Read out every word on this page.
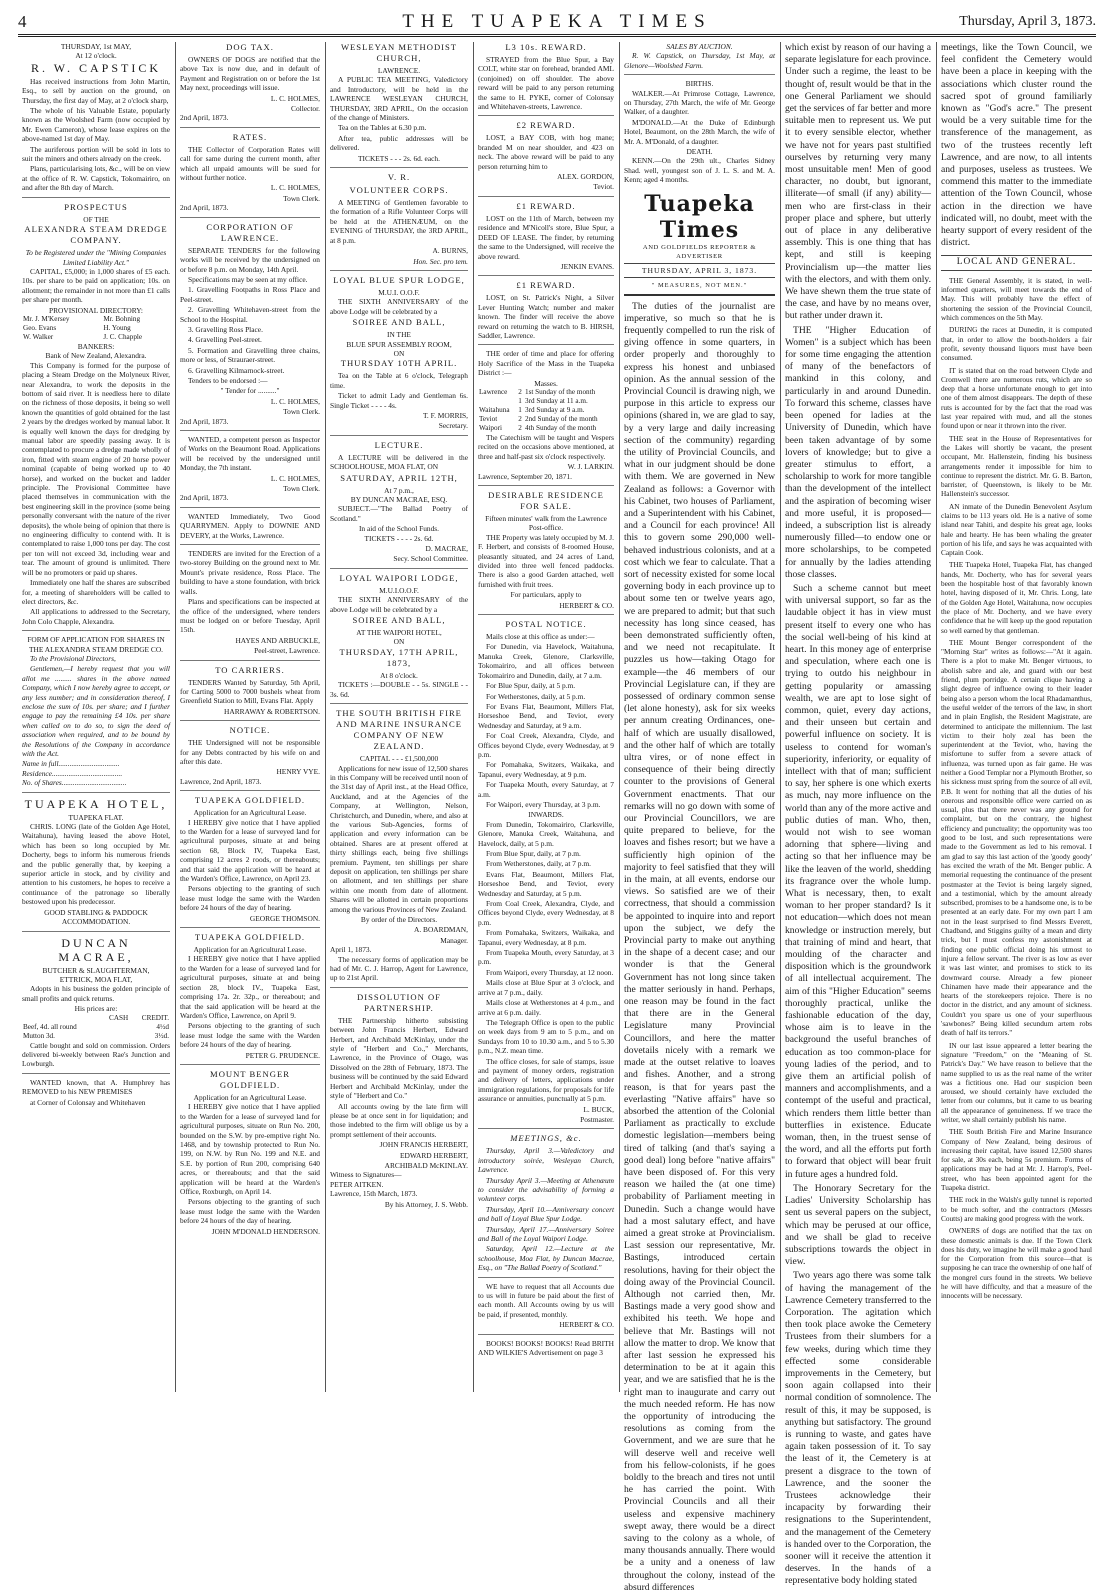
4	THE TUAPEKA TIMES	Thursday, April 3, 1873.
THURSDAY, 1st MAY,
At 12 o'clock.
R. W. CAPSTICK

Has received instructions from John Martin, Esq., to sell by auction on the ground, on Thursday, the first day of May, at 2 o'clock sharp,

The whole of his Valuable Estate, popularly known as the Woolshed Farm (now occupied by Mr. Ewen Cameron), whose lease expires on the above-named 1st day of May.

The auriferous portion will be sold in lots to suit the miners and others already on the creek.

Plans, particularising lots, &c., will be on view at the office of R. W. Capstick, Tokomairiro, on and after the 8th day of March.

PROSPECTUS
OF THE
ALEXANDRA STEAM DREDGE COMPANY.
To be Registered under the "Mining Companies Limited Liability Act."

CAPITAL, £5,000; in 1,000 shares of £5 each. 10s. per share to be paid on application; 10s. on allotment; the remainder in not more than £1 calls per share per month.

PROVISIONAL DIRECTORY:
Mr. J. M'Kersey	Mr. Bohning
Geo. Evans	H. Young
W. Walker	J. C. Chapple
BANKERS:
Bank of New Zealand, Alexandra.

This Company is formed for the purpose of placing a Steam Dredge on the Molyneux River, near Alexandra, to work the deposits in the bottom of said river. It is needless here to dilate on the richness of those deposits, it being so well known the quantities of gold obtained for the last 2 years by the dredges worked by manual labor. It is equally well known the days for dredging by manual labor are speedily passing away. It is contemplated to procure a dredge made wholly of iron, fitted with steam engine of 20 horse power nominal (capable of being worked up to 40 horse), and worked on the bucket and ladder principle. The Provisional Committee have placed themselves in communication with the best engineering skill in the province (some being personally conversant with the nature of the river deposits), the whole being of opinion that there is no engineering difficulty to contend with. It is contemplated to raise 1,000 tons per day. The cost per ton will not exceed 3d, including wear and tear. The amount of ground is unlimited. There will be no promoters or paid up shares.

Immediately one half the shares are subscribed for, a meeting of shareholders will be called to elect directors, &c.

All applications to addressed to the Secretary, John Colo Chapple, Alexandra.

FORM OF APPLICATION FOR SHARES IN THE ALEXANDRA STEAM DREDGE CO.

To the Provisional Directors,

Gentlemen,—I hereby request that you will allot me ......... shares in the above named Company, which I now hereby agree to accept, or any less number; and in consideration thereof, I enclose the sum of 10s. per share; and I further engage to pay the remaining £4 10s. per share when called on to do so, to sign the deed of association when required, and to be bound by the Resolutions of the Company in accordance with the Act.

Name in full.................................
Residence......................................
No. of Shares...................................
TUAPEKA HOTEL,
TUAPEKA FLAT.

CHRIS. LONG (late of the Golden Age Hotel, Waitahuna), having leased the above Hotel, which has been so long occupied by Mr. Docherty, begs to inform his numerous friends and the public generally that, by keeping a superior article in stock, and by civility and attention to his customers, he hopes to receive a continuance of the patronage so liberally bestowed upon his predecessor.

GOOD STABLING & PADDOCK ACCOMMODATION.
DUNCAN MACRAE,
BUTCHER & SLAUGHTERMAN,
ETTRICK, MOA FLAT,

Adopts in his business the golden principle of small profits and quick returns.

His prices are:
	CASH	CREDIT.
Beef, 4d. all round		4½d
Mutton 3d.		3½d.

Cattle bought and sold on commission. Orders delivered bi-weekly between Rae's Junction and Lowburgh.

WANTED known, that A. Humphrey has REMOVED to his NEW PREMISES

at Corner of Colonsay and Whitehaven

DOG TAX.

OWNERS OF DOGS are notified that the above Tax is now due, and in default of Payment and Registration on or before the 1st May next, proceedings will issue.

L. C. HOLMES,
Collector.
2nd April, 1873.
RATES.

THE Collector of Corporation Rates will call for same during the current month, after which all unpaid amounts will be sued for without further notice.

L. C. HOLMES,
Town Clerk.
2nd April, 1873.
CORPORATION OF LAWRENCE.

SEPARATE TENDERS for the following works will be received by the undersigned on or before 8 p.m. on Monday, 14th April.

Specifications may be seen at my office.

1. Gravelling Footpaths in Ross Place and Peel-street.

2. Gravelling Whitehaven-street from the School to the Hospital.

3. Gravelling Ross Place.

4. Gravelling Peel-street.

5. Formation and Gravelling three chains, more or less, of Strauraer-street.

6. Gravelling Kilmarnock-street.

Tenders to be endorsed :—

" Tender for .........."
L. C. HOLMES,
Town Clerk.
2nd April, 1873.

WANTED, a competent person as Inspector of Works on the Beaumont Road. Applications will be received by the undersigned until Monday, the 7th instant.

L. C. HOLMES,
Town Clerk.
2nd April, 1873.

WANTED Immediately, Two Good QUARRYMEN. Apply to DOWNIE AND DEVERY, at the Works, Lawrence.

TENDERS are invited for the Erection of a two-storey Building on the ground next to Mr. Mount's private residence, Ross Place. The building to have a stone foundation, with brick walls.

Plans and specifications can be inspected at the office of the undersigned, where tenders must be lodged on or before Tuesday, April 15th.

HAYES AND ARBUCKLE,
Peel-street, Lawrence.
TO CARRIERS.

TENDERS Wanted by Saturday, 5th April, for Carting 5000 to 7000 bushels wheat from Greenfield Station to Mill, Evans Flat. Apply

HARRAWAY & ROBERTSON.
NOTICE.

THE Undersigned will not be responsible for any Debts contracted by his wife on and after this date.

HENRY VYE.
Lawrence, 2nd April, 1873.
TUAPEKA GOLDFIELD.
Application for an Agricultural Lease.

I HEREBY give notice that I have applied to the Warden for a lease of surveyed land for agricultural purposes, situate at and being section 68, Block IV, Tuapeka East, comprising 12 acres 2 roods, or thereabouts; and that said the application will be heard at the Warden's Office, Lawrence, on April 23.

Persons objecting to the granting of such lease must lodge the same with the Warden before 24 hours of the day of hearing.

GEORGE THOMSON.
TUAPEKA GOLDFIELD.
Application for an Agricultural Lease.

I HEREBY give notice that I have applied to the Warden for a lease of surveyed land for agricultural purposes, situate at and being section 28, block IV., Tuapeka East, comprising 17a. 2r. 32p., or thereabout; and that the said application will be heard at the Warden's Office, Lawrence, on April 9.

Persons objecting to the granting of such lease must lodge the same with the Warden before 24 hours of the day of hearing.

PETER G. PRUDENCE.
MOUNT BENGER GOLDFIELD.
Application for an Agricultural Lease.

I HEREBY give notice that I have applied to the Warden for a lease of surveyed land for agricultural purposes, situate on Run No. 200, bounded on the S.W. by pre-emptive right No. 1468, and by township protected to Run No. 199, on N.W. by Run No. 199 and N.E. and S.E. by portion of Run 200, comprising 640 acres, or thereabouts; and that the said application will be heard at the Warden's Office, Roxburgh, on April 14.

Persons objecting to the granting of such lease must lodge the same with the Warden before 24 hours of the day of hearing.

JOHN M'DONALD HENDERSON.
WESLEYAN METHODIST CHURCH,
LAWRENCE.

A PUBLIC TEA MEETING, Valedictory and Introductory, will be held in the LAWRENCE WESLEYAN CHURCH, THURSDAY, 3RD APRIL, On the occasion of the change of Ministers.

Tea on the Tables at 6.30 p.m.

After tea, public addresses will be delivered.

TICKETS - - - 2s. 6d. each.
V. R.
VOLUNTEER CORPS.

A MEETING of Gentlemen favorable to the formation of a Rifle Volunteer Corps will be held at the ATHENÆUM, on the EVENING of THURSDAY, the 3RD APRIL, at 8 p.m.

A. BURNS,
Hon. Sec. pro tem.
LOYAL BLUE SPUR LODGE,
M.U.I. O.O.F.

THE SIXTH ANNIVERSARY of the above Lodge will be celebrated by a

SOIREE AND BALL,
IN THE
BLUE SPUR ASSEMBLY ROOM,
ON
THURSDAY 10TH APRIL.

Tea on the Table at 6 o'clock, Telegraph time.

Ticket to admit Lady and Gentleman 6s. Single Ticket - - - - 4s.

T. F. MORRIS,
Secretary.
LECTURE.

A LECTURE will be delivered in the SCHOOLHOUSE, MOA FLAT, ON

SATURDAY, APRIL 12TH,
At 7 p.m.,
BY DUNCAN MACRAE, ESQ.

SUBJECT.—"The Ballad Poetry of Scotland."

In aid of the School Funds.
TICKETS - - - - 2s. 6d.
D. MACRAE,
Secy. School Committee.
LOYAL WAIPORI LODGE,
M.U.I.O.O.F.

THE SIXTH ANNIVERSARY of the above Lodge will be celebrated by a

SOIREE AND BALL,
AT THE WAIPORI HOTEL,
ON
THURSDAY, 17TH APRIL, 1873,
At 8 o'clock.

TICKETS :—DOUBLE - - 5s. SINGLE - - 3s. 6d.

THE SOUTH BRITISH FIRE AND MARINE INSURANCE COMPANY OF NEW ZEALAND.
CAPITAL - - - £1,500,000

Applications for new issue of 12,500 shares in this Company will be received until noon of the 31st day of April inst., at the Head Office, Auckland, and at the Agencies of the Company, at Wellington, Nelson, Christchurch, and Dunedin, where, and also at the various Sub-Agencies, forms of application and every information can be obtained. Shares are at present offered at thirty shillings each, being five shillings premium. Payment, ten shillings per share deposit on application, ten shillings per share on allotment, and ten shillings per share within one month from date of allotment. Shares will be allotted in certain proportions among the various Provinces of New Zealand.

By order of the Directors.
A. BOARDMAN,
Manager.
April 1, 1873.

The necessary forms of application may be had of Mr. C. J. Harrop, Agent for Lawrence, up to 21st April.

DISSOLUTION OF PARTNERSHIP.

THE Partnership hitherto subsisting between John Francis Herbert, Edward Herbert, and Archibald McKinlay, under the style of "Herbert and Co.," Merchants, Lawrence, in the Province of Otago, was Dissolved on the 28th of February, 1873. The business will be continued by the said Edward Herbert and Archibald McKinlay, under the style of "Herbert and Co."

All accounts owing by the late firm will please be at once sent in for liquidation; and those indebted to the firm will oblige us by a prompt settlement of their accounts.

JOHN FRANCIS HERBERT,
EDWARD HERBERT,
ARCHIBALD McKINLAY.
Witness to Signatures—
PETER AITKEN.
Lawrence, 15th March, 1873.
By his Attorney, J. S. Webb.
L3 10s. REWARD.

STRAYED from the Blue Spur, a Bay COLT, white star on forehead, branded AML (conjoined) on off shoulder. The above reward will be paid to any person returning the same to H. PYKE, corner of Colonsay and Whitehaven-streets, Lawrence.

£2 REWARD.

LOST, a BAY COB, with hog mane; branded M on near shoulder, and 423 on neck. The above reward will be paid to any person returning him to

ALEX. GORDON,
Teviot.
£1 REWARD.

LOST on the 11th of March, between my residence and M'Nicoll's store, Blue Spur, a DEED OF LEASE. The finder, by returning the same to the Undersigned, will receive the above reward.

JENKIN EVANS.
£1 REWARD.

LOST, on St. Patrick's Night, a Silver Lever Hunting Watch; number and maker known. The finder will receive the above reward on returning the watch to B. HIRSH, Saddler, Lawrence.

THE order of time and place for offering Holy Sacrifice of the Mass in the Tuapeka District :—

Masses.
Lawrence	2	1st Sunday of the month
	1	3rd Sunday at 11 a.m.
Waitahuna	1	3rd Sunday at 9 a.m.
Teviot	2	2nd Sunday of the month
Waipori	2	4th Sunday of the month

The Catechism will be taught and Vespers recited on the occasions above mentioned, at three and half-past six o'clock respectively.

W. J. LARKIN.
Lawrence, September 20, 1871.
DESIRABLE RESIDENCE FOR SALE.
Fifteen minutes' walk from the Lawrence Post-office.

THE Property was lately occupied by M. J. F. Herbert, and consists of 8-roomed House, pleasantly situated, and 24 acres of Land, divided into three well fenced paddocks. There is also a good Garden attached, well furnished with fruit trees.

For particulars, apply to
HERBERT & CO.
POSTAL NOTICE.

Mails close at this office as under:—

For Dunedin, via Havelock, Waitahuna, Manuka Creek, Glenore, Clarksville, Tokomairiro, and all offices between Tokomairiro and Dunedin, daily, at 7 a.m.

For Blue Spur, daily, at 5 p.m.

For Wetherstones, daily, at 5 p.m.

For Evans Flat, Beaumont, Millers Flat, Horseshoe Bend, and Teviot, every Wednesday and Saturday, at 9 a.m.

For Coal Creek, Alexandra, Clyde, and Offices beyond Clyde, every Wednesday, at 9 p.m.

For Pomahaka, Switzers, Waikaka, and Tapanui, every Wednesday, at 9 p.m.

For Tuapeka Mouth, every Saturday, at 7 a.m.

For Waipori, every Thursday, at 3 p.m.

INWARDS.

From Dunedin, Tokomairiro, Clarksville, Glenore, Manuka Creek, Waitahuna, and Havelock, daily, at 5 p.m.

From Blue Spur, daily, at 7 p.m.

From Wetherstones, daily, at 7 p.m.

Evans Flat, Beaumont, Millers Flat, Horseshoe Bend, and Teviot, every Wednesday and Saturday, at 5 p.m.

From Coal Creek, Alexandra, Clyde, and Offices beyond Clyde, every Wednesday, at 8 p.m.

From Pomahaka, Switzers, Waikaka, and Tapanui, every Wednesday, at 8 p.m.

From Tuapeka Mouth, every Saturday, at 3 p.m.

From Waipori, every Thursday, at 12 noon.

Mails close at Blue Spur at 3 o'clock, and arrive at 7 p.m., daily.

Mails close at Wetherstones at 4 p.m., and arrive at 6 p.m. daily.

The Telegraph Office is open to the public on week days from 9 am to 5 p.m., and on Sundays from 10 to 10.30 a.m., and 5 to 5.30 p.m., N.Z. mean time.

The office closes, for sale of stamps, issue and payment of money orders, registration and delivery of letters, applications under immigration regulations, for proposals for life assurance or annuities, punctually at 5 p.m.

L. BUCK,
Postmaster.
MEETINGS, &c.

Thursday, April 3.—Valedictory and introductory soirée, Wesleyan Church, Lawrence.

Thursday April 3.—Meeting at Athenæum to consider the advisability of forming a volunteer corps.

Thursday, April 10.—Anniversary concert and ball of Loyal Blue Spur Lodge.

Thursday, April 17.—Anniversary Soiree and Ball of the Loyal Waipori Lodge.

Saturday, April 12.—Lecture at the schoolhouse, Moa Flat, by Duncan Macrae, Esq., on "The Ballad Poetry of Scotland."

WE have to request that all Accounts due to us will in future be paid about the first of each month. All Accounts owing by us will be paid, if presented, monthly.

HERBERT & CO.

BOOKS! BOOKS! BOOKS! Read BRITH AND WILKIE'S Advertisement on page 3

SALES BY AUCTION.

R. W. Capstick, on Thursday, 1st May, at Glenore—Woolshed Farm.

BIRTHS.

WALKER.—At Primrose Cottage, Lawrence, on Thursday, 27th March, the wife of Mr. George Walker, of a daughter.

M'DONALD.—At the Duke of Edinburgh Hotel, Beaumont, on the 28th March, the wife of Mr. A. M'Donald, of a daughter.

DEATH.

KENN.—On the 29th ult., Charles Sidney Shad. well, youngest son of J. L. S. and M. A. Kenn; aged 4 months.

Tuapeka Times
AND GOLDFIELDS REPORTER & ADVERTISER
THURSDAY, APRIL 3, 1873.
" MEASURES, NOT MEN."

The duties of the journalist are imperative, so much so that he is frequently compelled to run the risk of giving offence in some quarters, in order properly and thoroughly to express his honest and unbiased opinion. As the annual session of the Provincial Council is drawing nigh, we purpose in this article to express our opinions (shared in, we are glad to say, by a very large and daily increasing section of the community) regarding the utility of Provincial Councils, and what in our judgment should be done with them. We are governed in New Zealand as follows: a Governor with his Cabinet, two houses of Parliament, and a Superintendent with his Cabinet, and a Council for each province! All this to govern some 290,000 well-behaved industrious colonists, and at a cost which we fear to calculate. That a sort of necessity existed for some local governing body in each province up to about some ten or twelve years ago, we are prepared to admit; but that such necessity has long since ceased, has been demonstrated sufficiently often, and we need not recapitulate. It puzzles us how—taking Otago for example—the 46 members of our Provincial Legislature can, if they are possessed of ordinary common sense (let alone honesty), ask for six weeks per annum creating Ordinances, one-half of which are usually disallowed, and the other half of which are totally ultra vires, or of none effect in consequence of their being directly counter to the provisions of General Government enactments. That our remarks will no go down with some of our Provincial Councillors, we are quite prepared to believe, for the loaves and fishes resort; but we have a sufficiently high opinion of the majority to feel satisfied that they will in the main, at all events, endorse our views. So satisfied are we of their correctness, that should a commission be appointed to inquire into and report upon the subject, we defy the Provincial party to make out anything in the shape of a decent case; and our wonder is that the General Government has not long since taken the matter seriously in hand. Perhaps, one reason may be found in the fact that there are in the General Legislature many Provincial Councillors, and here the matter dovetails nicely with a remark we made at the outset relative to loaves and fishes. Another, and a strong reason, is that for years past the everlasting "Native affairs" have so absorbed the attention of the Colonial Parliament as practically to exclude domestic legislation—members being tired of talking (and that's saying a good deal) long before "native affairs" have been disposed of. For this very reason we hailed the (at one time) probability of Parliament meeting in Dunedin. Such a change would have had a most salutary effect, and have aimed a great stroke at Provincialism. Last session our representative, Mr. Bastings, introduced certain resolutions, having for their object the doing away of the Provincial Council. Although not carried then, Mr. Bastings made a very good show and exhibited his teeth. We hope and believe that Mr. Bastings will not allow the matter to drop. We know that after last session he expressed his determination to be at it again this year, and we are satisfied that he is the right man to inaugurate and carry out the much needed reform. He has now the opportunity of introducing the resolutions as coming from the Government, and we are sure that he will deserve well and receive well from his fellow-colonists, if he goes boldly to the breach and tires not until he has carried the point. With Provincial Councils and all their useless and expensive machinery swept away, there would be a direct saving to the colony as a whole, of many thousands annually. There would be a unity and a oneness of law throughout the colony, instead of the absurd differences

which exist by reason of our having a separate legislature for each province. Under such a regime, the least to be thought of, result would be that in the one General Parliament we should get the services of far better and more suitable men to represent us. We put it to every sensible elector, whether we have not for years past stultified ourselves by returning very many most unsuitable men! Men of good character, no doubt, but ignorant, illiterate—of small (if any) ability—men who are first-class in their proper place and sphere, but utterly out of place in any deliberative assembly. This is one thing that has kept, and still is keeping Provincialism up—the matter lies with the electors, and with them only. We have shewn them the true state of the case, and have by no means over, but rather under drawn it.

THE "Higher Education of Women" is a subject which has been for some time engaging the attention of many of the benefactors of mankind in this colony, and particularly in and around Dunedin. To forward this scheme, classes have been opened for ladies at the University of Dunedin, which have been taken advantage of by some lovers of knowledge; but to give a greater stimulus to effort, a scholarship to work for more tangible than the development of the intellect and the aspiration of becoming wiser and more useful, it is proposed—indeed, a subscription list is already numerously filled—to endow one or more scholarships, to be competed for annually by the ladies attending those classes.

Such a scheme cannot but meet with universal support, so far as the laudable object it has in view must present itself to every one who has the social well-being of his kind at heart. In this money age of enterprise and speculation, where each one is trying to outdo his neighbour in getting popularity or amassing wealth, we are apt to lose sight of common, quiet, every day actions, and their unseen but certain and powerful influence on society. It is useless to contend for woman's superiority, inferiority, or equality of intellect with that of man; sufficient to say, her sphere is one which exerts as much, nay more influence on the world than any of the more active and public duties of man. Who, then, would not wish to see woman adorning that sphere—living and acting so that her influence may be like the leaven of the world, shedding its fragrance over the whole lump. What is necessary, then, to exalt woman to her proper standard? Is it not education—which does not mean knowledge or instruction merely, but that training of mind and heart, that moulding of the character and disposition which is the groundwork of all intellectual acquirement. The aim of this "Higher Education" seems thoroughly practical, unlike the fashionable education of the day, whose aim is to leave in the background the useful branches of education as too common-place for young ladies of the period, and to give them an artificial polish of manners and accomplishments, and a contempt of the useful and practical, which renders them little better than butterflies in existence. Educate woman, then, in the truest sense of the word, and all the efforts put forth to forward that object will bear fruit in future ages a hundred fold.

The Honorary Secretary for the Ladies' University Scholarship has sent us several papers on the subject, which may be perused at our office, and we shall be glad to receive subscriptions towards the object in view.

Two years ago there was some talk of having the management of the Lawrence Cemetery transferred to the Corporation. The agitation which then took place awoke the Cemetery Trustees from their slumbers for a few weeks, during which time they effected some considerable improvements in the Cemetery, but soon again collapsed into their normal condition of somnolence. The result of this, it may be supposed, is anything but satisfactory. The ground is running to waste, and gates have again taken possession of it. To say the least of it, the Cemetery is at present a disgrace to the town of Lawrence, and the sooner the Trustees acknowledge their incapacity by forwarding their resignations to the Superintendent, and the management of the Cemetery is handed over to the Corporation, the sooner will it receive the attention it deserves. In the hands of a representative body holding stated

meetings, like the Town Council, we feel confident the Cemetery would have been a place in keeping with the associations which cluster round the sacred spot of ground familiarly known as "God's acre." The present would be a very suitable time for the transference of the management, as two of the trustees recently left Lawrence, and are now, to all intents and purposes, useless as trustees. We commend this matter to the immediate attention of the Town Council, whose action in the direction we have indicated will, no doubt, meet with the hearty support of every resident of the district.

LOCAL AND GENERAL.

THE General Assembly, it is stated, in well-informed quarters, will meet towards the end of May. This will probably have the effect of shortening the session of the Provincial Council, which commences on the 5th May.

DURING the races at Dunedin, it is computed that, in order to allow the booth-holders a fair profit, seventy thousand liquors must have been consumed.

IT is stated that on the road between Clyde and Cromwell there are numerous ruts, which are so deep that a horse unfortunate enough to get into one of them almost disappears. The depth of these ruts is accounted for by the fact that the road was last year repaired with mud, and all the stones found upon or near it thrown into the river.

THE seat in the House of Representatives for the Lakes will shortly be vacant, the present occupant, Mr. Hallenstein, finding his business arrangements render it impossible for him to continue to represent the district. Mr. G. B. Barton, barrister, of Queenstown, is likely to be Mr. Hallenstein's successor.

AN inmate of the Dunedin Benevolent Asylum claims to be 113 years old. He is a native of some island near Tahiti, and despite his great age, looks hale and hearty. He has been whaling the greater portion of his life, and says he was acquainted with Captain Cook.

THE Tuapeka Hotel, Tuapeka Flat, has changed hands, Mr. Docherty, who has for several years been the hospitable host of that favorably known hotel, having disposed of it, Mr. Chris. Long, late of the Golden Age Hotel, Waitahuna, now occupies the place of Mr. Docherty, and we have every confidence that he will keep up the good reputation so well earned by that gentleman.

THE Mount Benger correspondent of the "Morning Star" writes as follows:—"At it again. There is a plot to make Mt. Benger virtuous, to abolish sabre and ale, and guard with our best friend, plum porridge. A certain clique having a slight degree of influence owing to their leader being also a person whom the local Rhadamanthus, the useful welder of the terrors of the law, in short and in plain English, the Resident Magistrate, are determined to anticipate the millennium. The last victim to their holy zeal has been the superintendent at the Teviot, who, having the misfortune to suffer from a severe attack of influenza, was turned upon as fair game. He was neither a Good Templar nor a Plymouth Brother, so his sickness must spring from the source of all evil, P.B. It went for nothing that all the duties of his onerous and responsible office were carried on as usual, plus that there never was any ground for complaint, but on the contrary, the highest efficiency and punctuality; the opportunity was too good to be lost, and such representations were made to the Government as led to his removal. I am glad to say this last action of the 'goody goody' has excited the wrath of the Mt. Benger public. A memorial requesting the continuance of the present postmaster at the Teviot is being largely signed, and a testimonial, which by the amount already subscribed, promises to be a handsome one, is to be presented at an early date. For my own part I am not in the least surprised to find Messrs Everett, Chadband, and Stiggins guilty of a mean and dirty trick, but I must confess my astonishment at finding one public official doing his utmost to injure a fellow servant. The river is as low as ever it was last winter, and promises to stick to its downward course. Already a few pioneer Chinamen have made their appearance and the hearts of the storekeepers rejoice. There is no doctor in the district, and any amount of sickness. Couldn't you spare us one of your superfluous 'sawbones?' Being killed secundum artem robs death of half its terrors."

IN our last issue appeared a letter bearing the signature "Freedom," on the "Meaning of St. Patrick's Day." We have reason to believe that the name supplied to us as the real name of the writer was a fictitious one. Had our suspicion been aroused, we should certainly have excluded the letter from our columns, but it came to us bearing all the appearance of genuineness. If we trace the writer, we shall certainly publish his name.

THE South British Fire and Marine Insurance Company of New Zealand, being desirous of increasing their capital, have issued 12,500 shares for sale, at 30s each, being 5s premium. Forms of applications may be had at Mr. J. Harrop's, Peel-street, who has been appointed agent for the Tuapeka district.

THE rock in the Walsh's gully tunnel is reported to be much softer, and the contractors (Messrs Coutts) are making good progress with the work.

OWNERS of dogs are notified that the tax on these domestic animals is due. If the Town Clerk does his duty, we imagine he will make a good haul for the Corporation from this source—that is supposing he can trace the ownership of one half of the mongrel curs found in the streets. We believe he will have difficulty, and that a measure of the innocents will be necessary.
